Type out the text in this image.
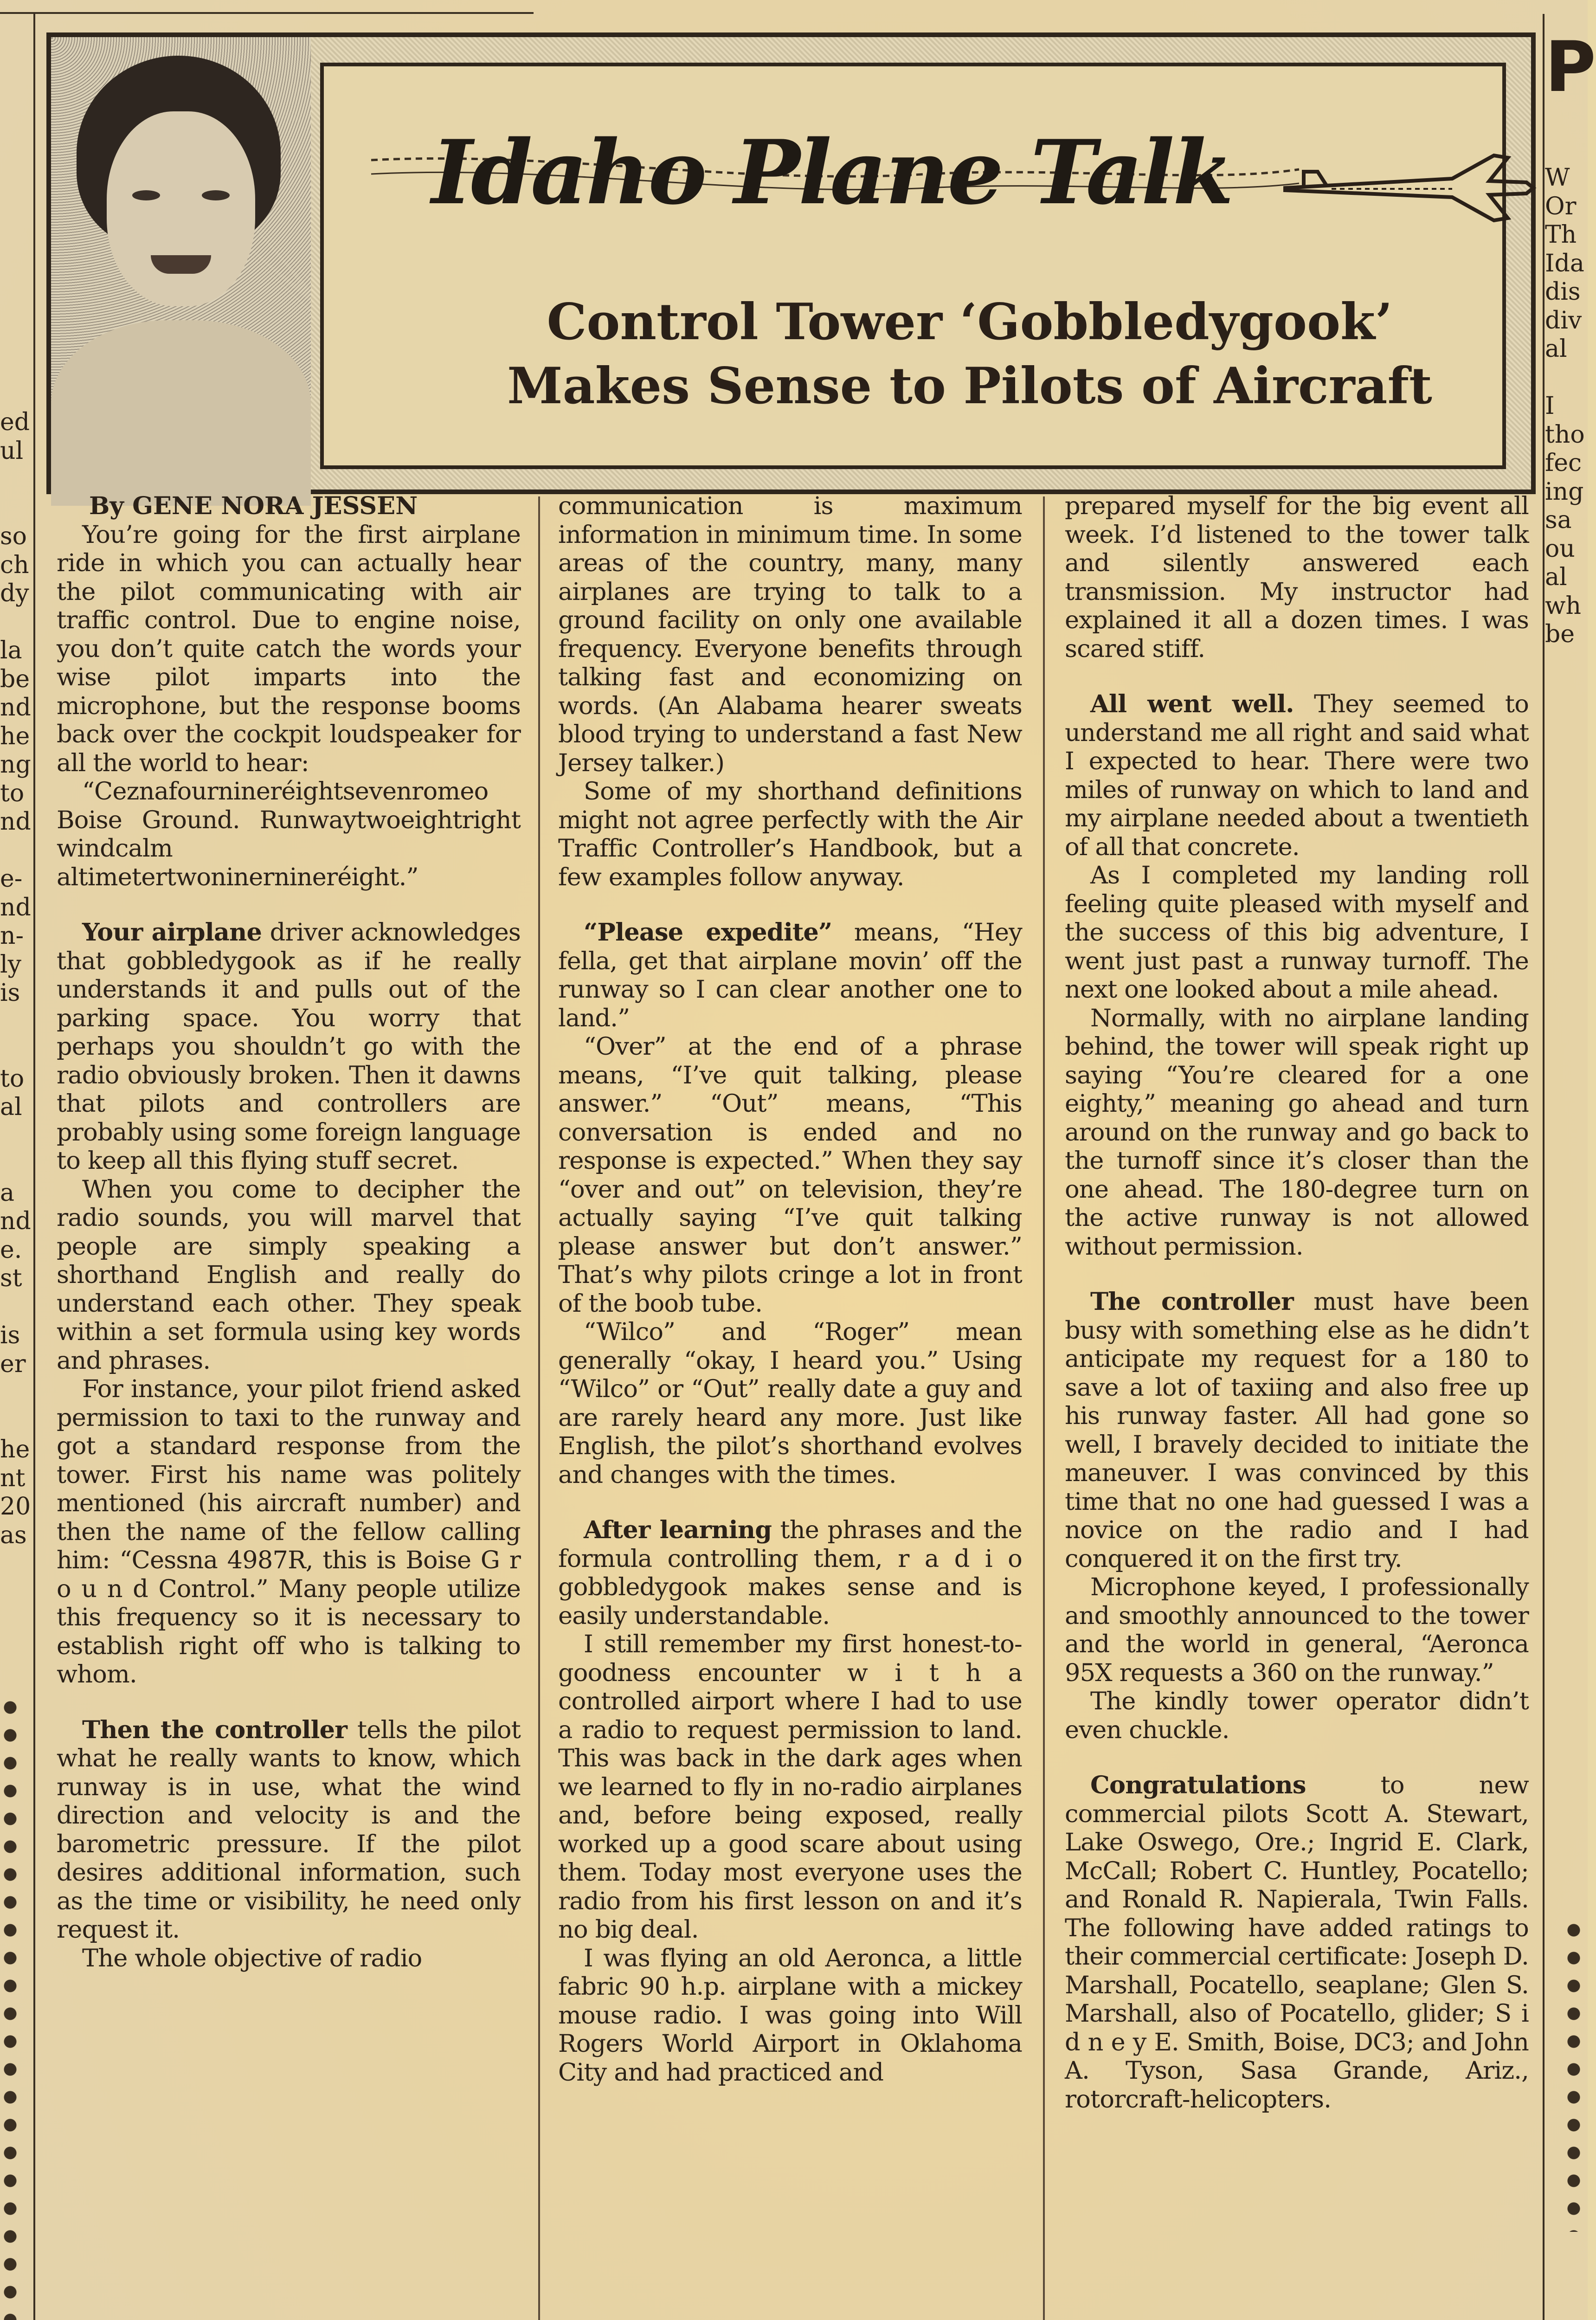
ed
ul

so
ch
dy

la
be
nd
he
ng
to
nd

e-
nd
n-
ly
is

to
al

a
nd
e.
st

is
er

he
nt
20
as
P

W
Or
Th
Ida
dis
div
al

I
tho
fec
ing
sa
ou
al
wh
be
Idaho Plane Talk
Control Tower ‘Gobbledygook’
Makes Sense to Pilots of Aircraft

By GENE NORA JESSEN

You’re going for the first airplane ride in which you can actually hear the pilot communicating with air traffic control. Due to engine noise, you don’t quite catch the words your wise pilot imparts into the microphone, but the response booms back over the cockpit loudspeaker for all the world to hear:

“Ceznafournineréightsevenromeo Boise Ground. Runwaytwoeightright windcalm altimetertwoninernineréight.”

Your airplane driver acknowledges that gobbledygook as if he really understands it and pulls out of the parking space. You worry that perhaps you shouldn’t go with the radio obviously broken. Then it dawns that pilots and controllers are probably using some foreign language to keep all this flying stuff secret.

When you come to decipher the radio sounds, you will marvel that people are simply speaking a shorthand English and really do understand each other. They speak within a set formula using key words and phrases.

For instance, your pilot friend asked permission to taxi to the runway and got a standard response from the tower. First his name was politely mentioned (his aircraft number) and then the name of the fellow calling him: “Cessna 4987R, this is Boise G r o u n d Control.” Many people utilize this frequency so it is necessary to establish right off who is talking to whom.

Then the controller tells the pilot what he really wants to know, which runway is in use, what the wind direction and velocity is and the barometric pressure. If the pilot desires additional information, such as the time or visibility, he need only request it.

The whole objective of radio

communication is maximum information in minimum time. In some areas of the country, many, many airplanes are trying to talk to a ground facility on only one available frequency. Everyone benefits through talking fast and economizing on words. (An Alabama hearer sweats blood trying to understand a fast New Jersey talker.)

Some of my shorthand definitions might not agree perfectly with the Air Traffic Controller’s Handbook, but a few examples follow anyway.

“Please expedite” means, “Hey fella, get that airplane movin’ off the runway so I can clear another one to land.”

“Over” at the end of a phrase means, “I’ve quit talking, please answer.” “Out” means, “This conversation is ended and no response is expected.” When they say “over and out” on television, they’re actually saying “I’ve quit talking please answer but don’t answer.” That’s why pilots cringe a lot in front of the boob tube.

“Wilco” and “Roger” mean generally “okay, I heard you.” Using “Wilco” or “Out” really date a guy and are rarely heard any more. Just like English, the pilot’s shorthand evolves and changes with the times.

After learning the phrases and the formula controlling them, r a d i o gobbledygook makes sense and is easily understandable.

I still remember my first honest-to-goodness encounter w i t h a controlled airport where I had to use a radio to request permission to land. This was back in the dark ages when we learned to fly in no-radio airplanes and, before being exposed, really worked up a good scare about using them. Today most everyone uses the radio from his first lesson on and it’s no big deal.

I was flying an old Aeronca, a little fabric 90 h.p. airplane with a mickey mouse radio. I was going into Will Rogers World Airport in Oklahoma City and had practiced and

prepared myself for the big event all week. I’d listened to the tower talk and silently answered each transmission. My instructor had explained it all a dozen times. I was scared stiff.

All went well. They seemed to understand me all right and said what I expected to hear. There were two miles of runway on which to land and my airplane needed about a twentieth of all that concrete.

As I completed my landing roll feeling quite pleased with myself and the success of this big adventure, I went just past a runway turnoff. The next one looked about a mile ahead.

Normally, with no airplane landing behind, the tower will speak right up saying “You’re cleared for a one eighty,” meaning go ahead and turn around on the runway and go back to the turnoff since it’s closer than the one ahead. The 180-degree turn on the active runway is not allowed without permission.

The controller must have been busy with something else as he didn’t anticipate my request for a 180 to save a lot of taxiing and also free up his runway faster. All had gone so well, I bravely decided to initiate the maneuver. I was convinced by this time that no one had guessed I was a novice on the radio and I had conquered it on the first try.

Microphone keyed, I professionally and smoothly announced to the tower and the world in general, “Aeronca 95X requests a 360 on the runway.”

The kindly tower operator didn’t even chuckle.

Congratulations	to new commercial pilots Scott A. Stewart, Lake Oswego, Ore.; Ingrid E. Clark, McCall; Robert C. Huntley, Pocatello; and Ronald R. Napierala, Twin Falls. The following have added ratings to their commercial certificate: Joseph D. Marshall, Pocatello, seaplane; Glen S. Marshall, also of Pocatello, glider; S i d n e y E. Smith, Boise, DC3; and John A. Tyson, Sasa Grande, Ariz., rotorcraft-helicopters.
